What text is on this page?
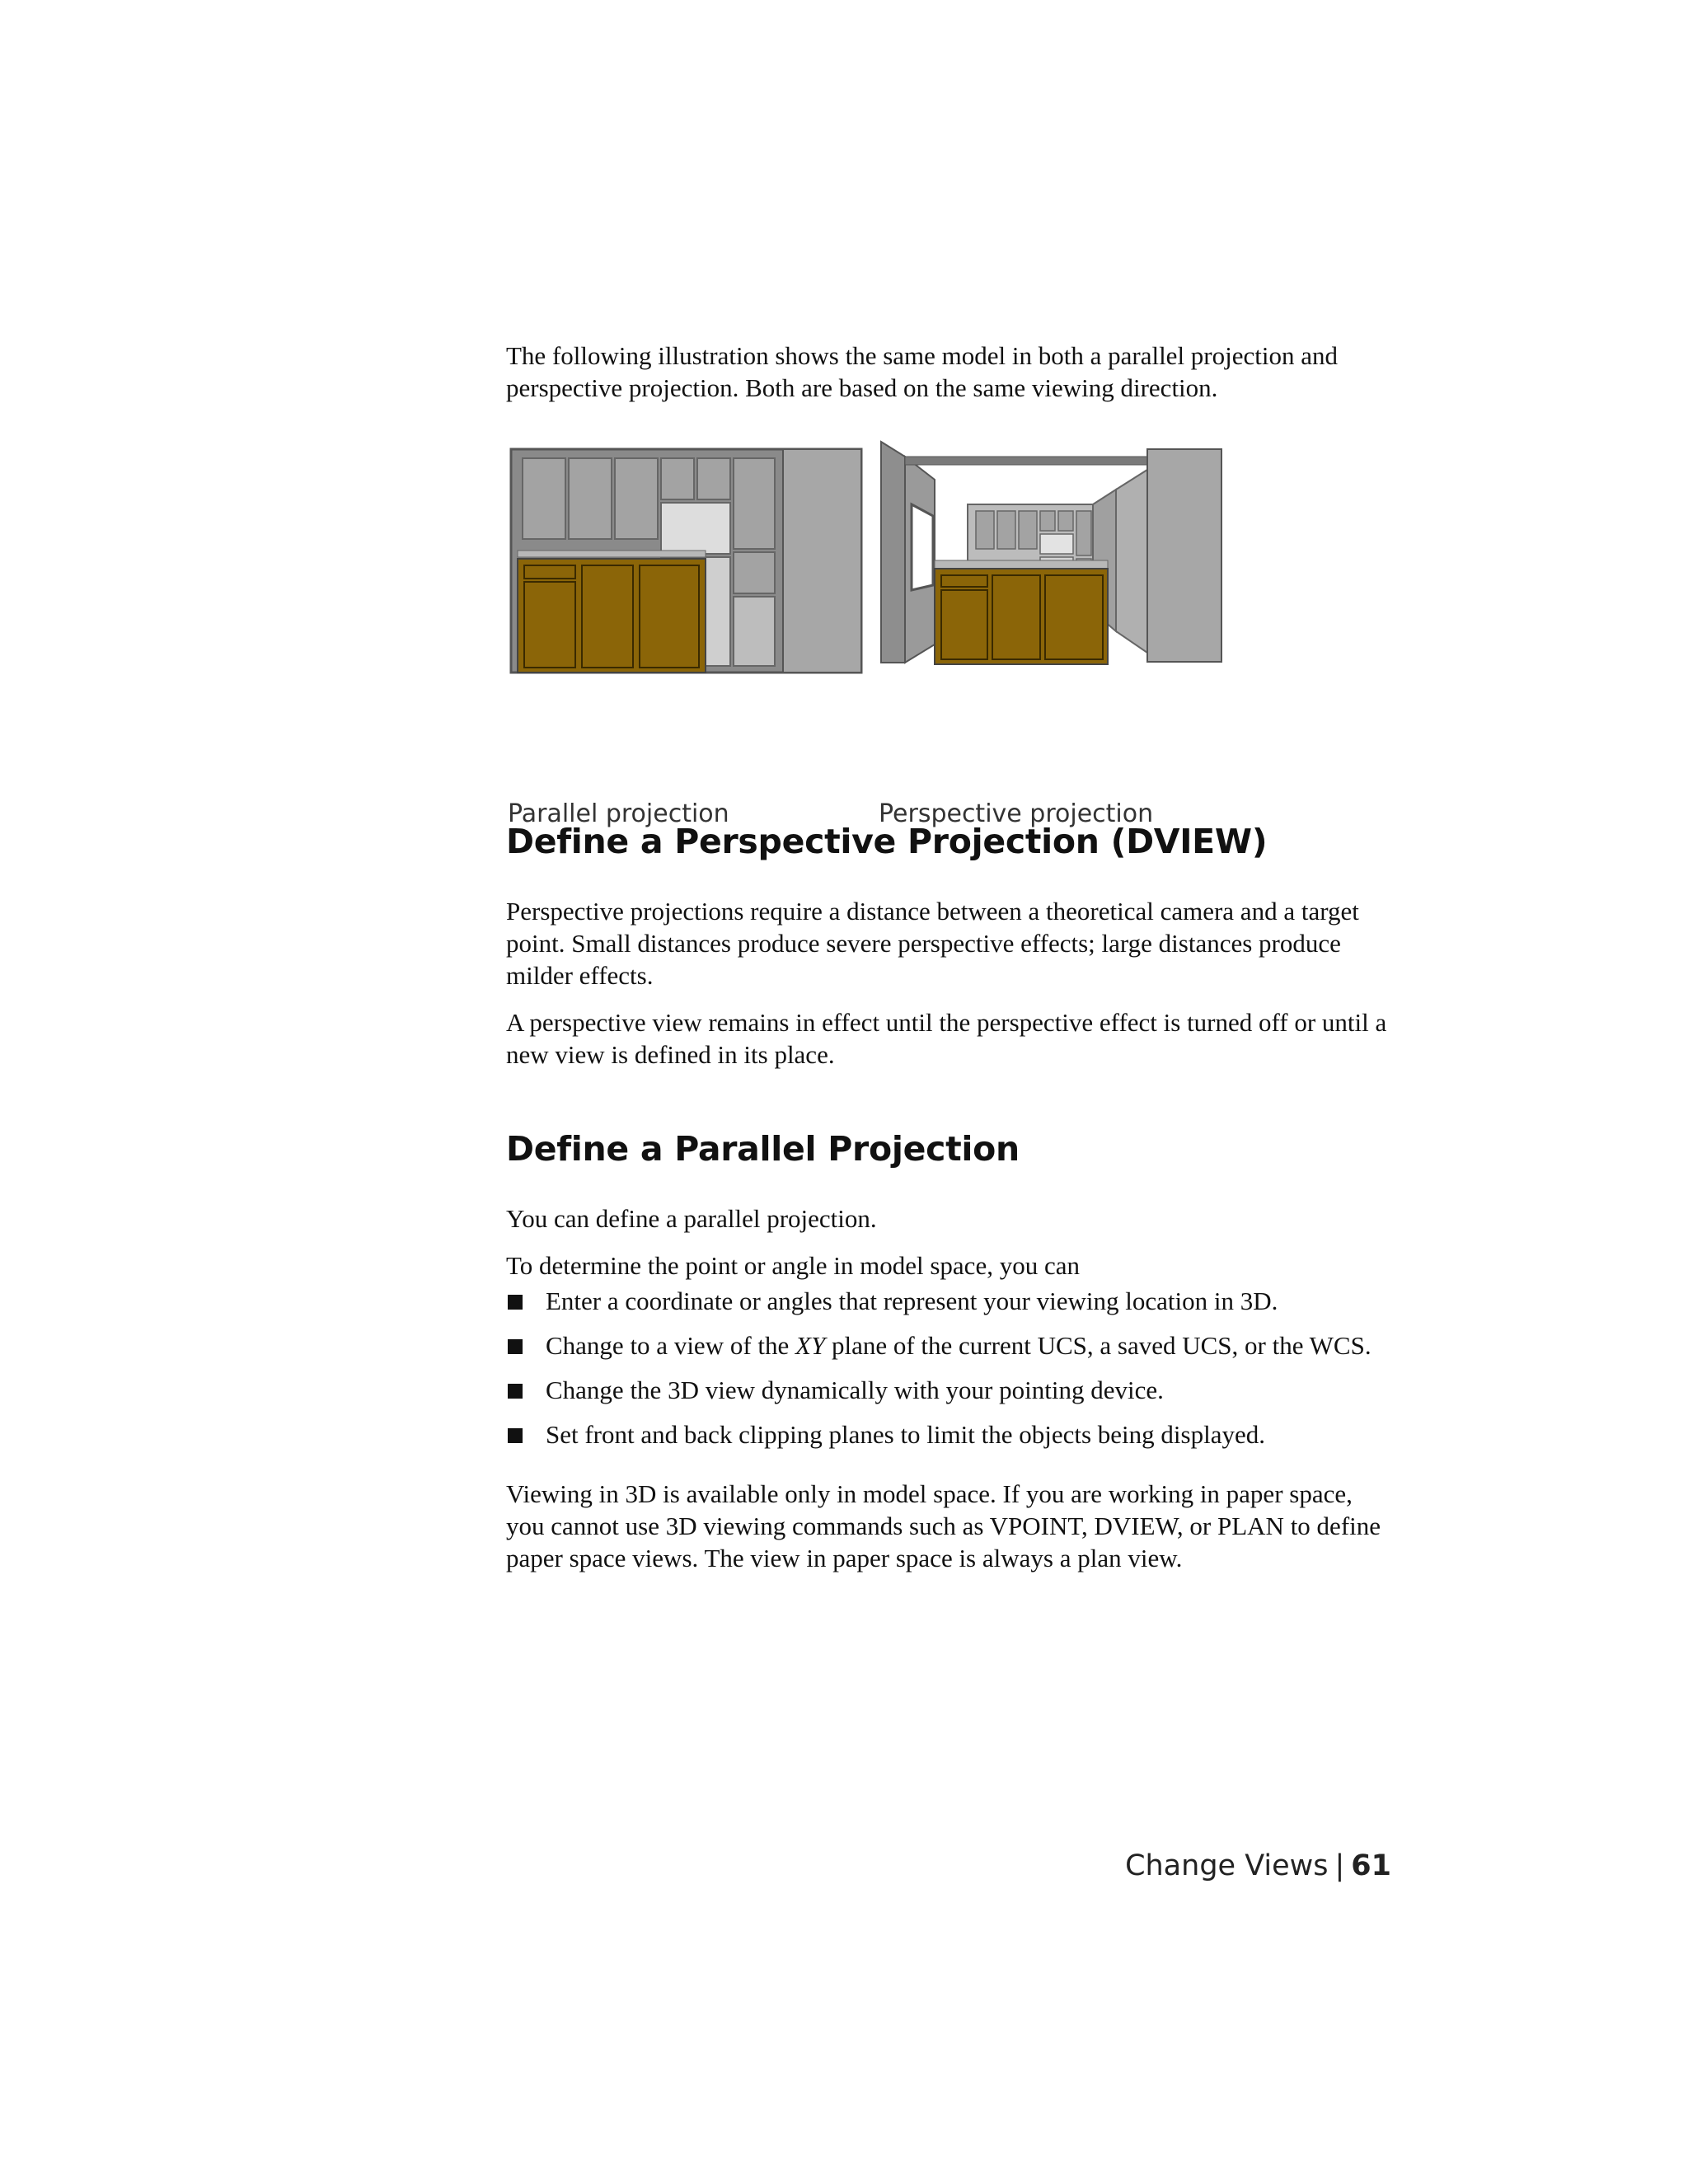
The following illustration shows the same model in both a parallel projection and perspective projection. Both are based on the same viewing direction.

Parallel projection	Perspective projection
Define a Perspective Projection (DVIEW)

Perspective projections require a distance between a theoretical camera and a target point. Small distances produce severe perspective effects; large distances produce milder effects.

A perspective view remains in effect until the perspective effect is turned off or until a new view is defined in its place.

Define a Parallel Projection

You can define a parallel projection.

To determine the point or angle in model space, you can

Enter a coordinate or angles that represent your viewing location in 3D.
Change to a view of the XY plane of the current UCS, a saved UCS, or the WCS.
Change the 3D view dynamically with your pointing device.
Set front and back clipping planes to limit the objects being displayed.

Viewing in 3D is available only in model space. If you are working in paper space, you cannot use 3D viewing commands such as VPOINT, DVIEW, or PLAN to define paper space views. The view in paper space is always a plan view.

Change Views | 61
